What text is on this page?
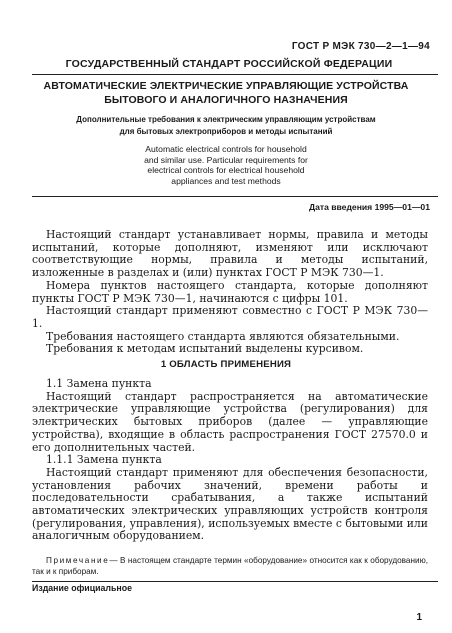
ГОСТ Р МЭК 730—2—1—94
ГОСУДАРСТВЕННЫЙ СТАНДАРТ РОССИЙСКОЙ ФЕДЕРАЦИИ
АВТОМАТИЧЕСКИЕ ЭЛЕКТРИЧЕСКИЕ УПРАВЛЯЮЩИЕ УСТРОЙСТВА
БЫТОВОГО И АНАЛОГИЧНОГО НАЗНАЧЕНИЯ
Дополнительные требования к электрическим управляющим устройствам
для бытовых электроприборов и методы испытаний
Automatic electrical controls for household
and similar use. Particular requirements for
electrical controls for electrical household
appliances and test methods
Дата введения 1995—01—01

Настоящий стандарт устанавливает нормы, правила и методы испытаний, которые дополняют, изменяют или исключают соответствующие нормы, правила и методы испытаний, изложенные в разделах и (или) пунктах ГОСТ Р МЭК 730—1.

Номера пунктов настоящего стандарта, которые дополняют пункты ГОСТ Р МЭК 730—1, начинаются с цифры 101.

Настоящий стандарт применяют совместно с ГОСТ Р МЭК 730—1.

Требования настоящего стандарта являются обязательными.

Требования к методам испытаний выделены курсивом.

1 ОБЛАСТЬ ПРИМЕНЕНИЯ

1.1 Замена пункта

Настоящий стандарт распространяется на автоматические электрические управляющие устройства (регулирования) для электрических бытовых приборов (далее — управляющие устройства), входящие в область распространения ГОСТ 27570.0 и его дополнительных частей.

1.1.1 Замена пункта

Настоящий стандарт применяют для обеспечения безопасности, установления рабочих значений, времени работы и последовательности срабатывания, а также испытаний автоматических электрических управляющих устройств контроля (регулирования, управления), используемых вместе с бытовыми или аналогичным оборудованием.

Примечание— В настоящем стандарте термин «оборудование» относится как к оборудованию, так и к приборам.
Издание официальное
1
